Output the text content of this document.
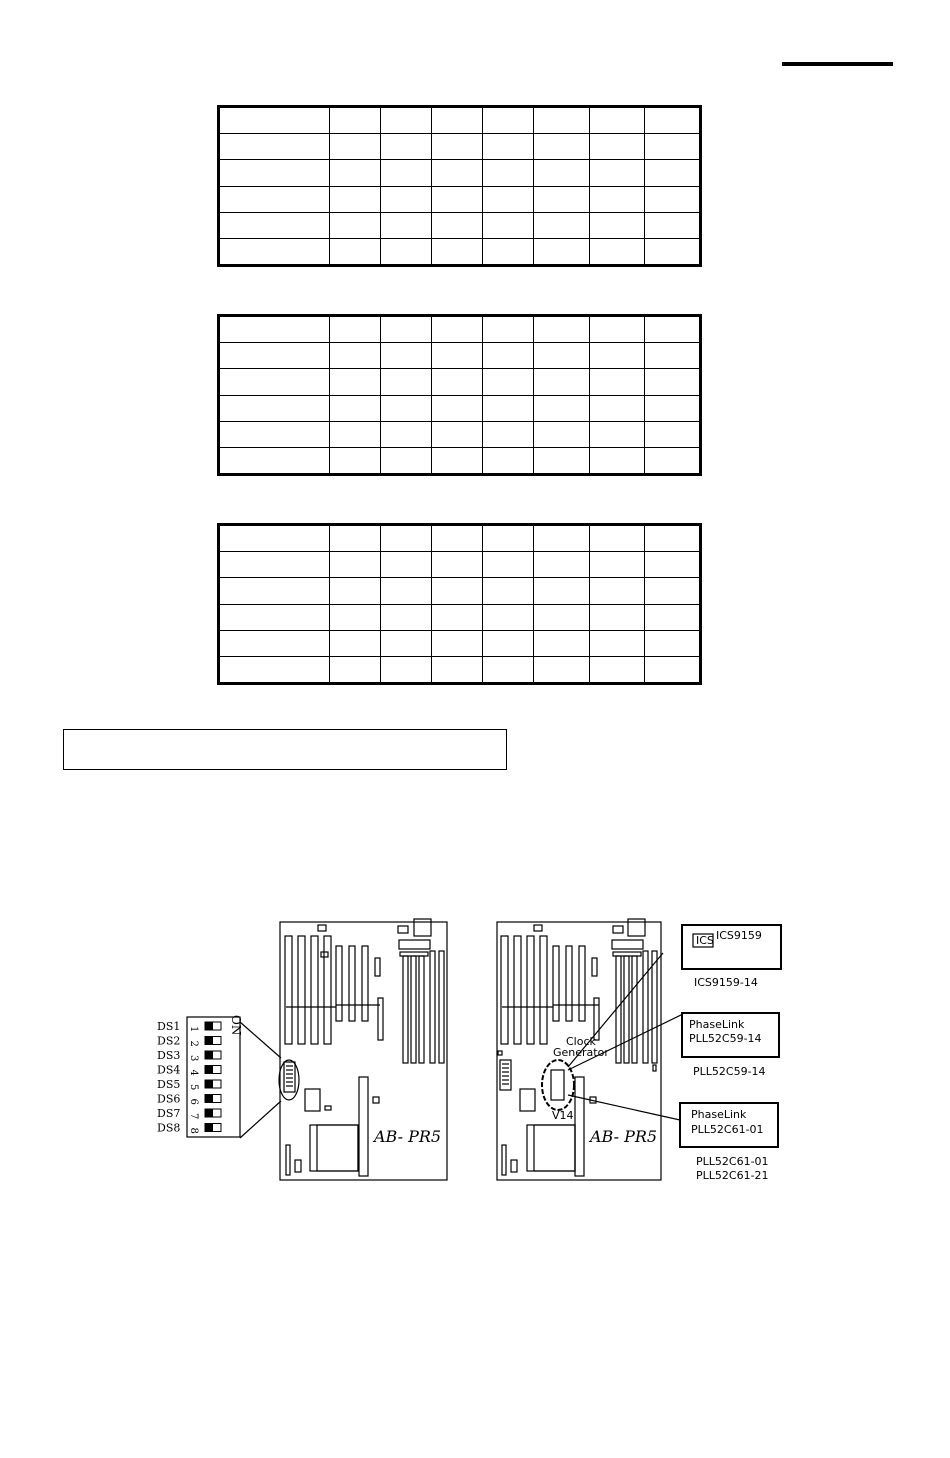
DS1 1
DS2 2
DS3 3
DS4 4
DS5 5
DS6 6
DS7 7
DS8 8
ON
AB- PR5	AB- PR5
Clock
Generator
V14
ICS ICS9159
ICS9159-14
PhaseLink
PLL52C59-14
PLL52C59-14
PhaseLink
PLL52C61-01
PLL52C61-01
PLL52C61-21
